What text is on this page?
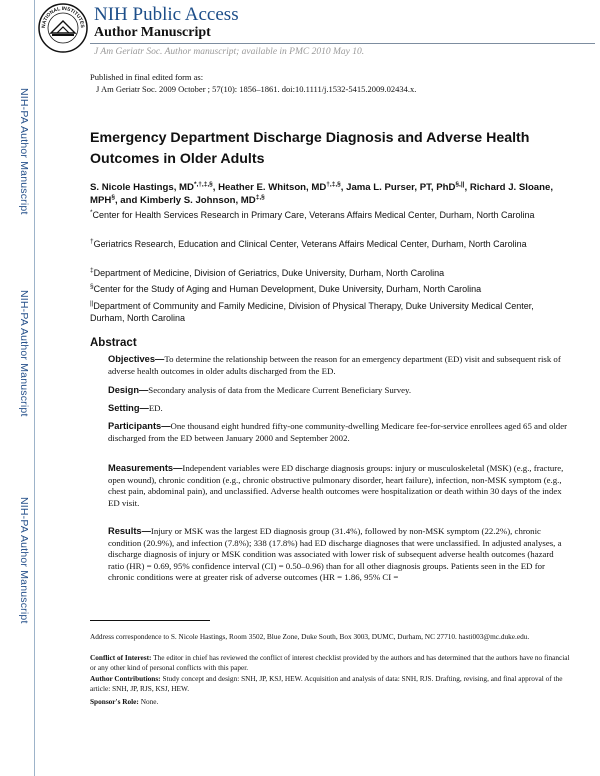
NIH-PA Author Manuscript
NIH-PA Author Manuscript
NIH-PA Author Manuscript
NATIONAL INSTITUTES
NIH Public Access
Author Manuscript
J Am Geriatr Soc. Author manuscript; available in PMC 2010 May 10.
Published in final edited form as:
J Am Geriatr Soc. 2009 October ; 57(10): 1856–1861. doi:10.1111/j.1532-5415.2009.02434.x.
Emergency Department Discharge Diagnosis and Adverse Health Outcomes in Older Adults
S. Nicole Hastings, MD*,†,‡,§, Heather E. Whitson, MD†,‡,§, Jama L. Purser, PT, PhD§,||, Richard J. Sloane, MPH§, and Kimberly S. Johnson, MD‡,§
*Center for Health Services Research in Primary Care, Veterans Affairs Medical Center, Durham, North Carolina
†Geriatrics Research, Education and Clinical Center, Veterans Affairs Medical Center, Durham, North Carolina
‡Department of Medicine, Division of Geriatrics, Duke University, Durham, North Carolina
§Center for the Study of Aging and Human Development, Duke University, Durham, North Carolina
||Department of Community and Family Medicine, Division of Physical Therapy, Duke University Medical Center, Durham, North Carolina
Abstract
Objectives—To determine the relationship between the reason for an emergency department (ED) visit and subsequent risk of adverse health outcomes in older adults discharged from the ED.
Design—Secondary analysis of data from the Medicare Current Beneficiary Survey.
Setting—ED.
Participants—One thousand eight hundred fifty-one community-dwelling Medicare fee-for-service enrollees aged 65 and older discharged from the ED between January 2000 and September 2002.
Measurements—Independent variables were ED discharge diagnosis groups: injury or musculoskeletal (MSK) (e.g., fracture, open wound), chronic condition (e.g., chronic obstructive pulmonary disorder, heart failure), infection, non-MSK symptom (e.g., chest pain, abdominal pain), and unclassified. Adverse health outcomes were hospitalization or death within 30 days of the index ED visit.
Results—Injury or MSK was the largest ED diagnosis group (31.4%), followed by non-MSK symptom (22.2%), chronic condition (20.9%), and infection (7.8%); 338 (17.8%) had ED discharge diagnoses that were unclassified. In adjusted analyses, a discharge diagnosis of injury or MSK condition was associated with lower risk of subsequent adverse health outcomes (hazard ratio (HR) = 0.69, 95% confidence interval (CI) = 0.50–0.96) than for all other diagnosis groups. Patients seen in the ED for chronic conditions were at greater risk of adverse outcomes (HR = 1.86, 95% CI =
Address correspondence to S. Nicole Hastings, Room 3502, Blue Zone, Duke South, Box 3003, DUMC, Durham, NC 27710. hasti003@mc.duke.edu.
Conflict of Interest: The editor in chief has reviewed the conflict of interest checklist provided by the authors and has determined that the authors have no financial or any other kind of personal conflicts with this paper.
Author Contributions: Study concept and design: SNH, JP, KSJ, HEW. Acquisition and analysis of data: SNH, RJS. Drafting, revising, and final approval of the article: SNH, JP, RJS, KSJ, HEW.
Sponsor's Role: None.
